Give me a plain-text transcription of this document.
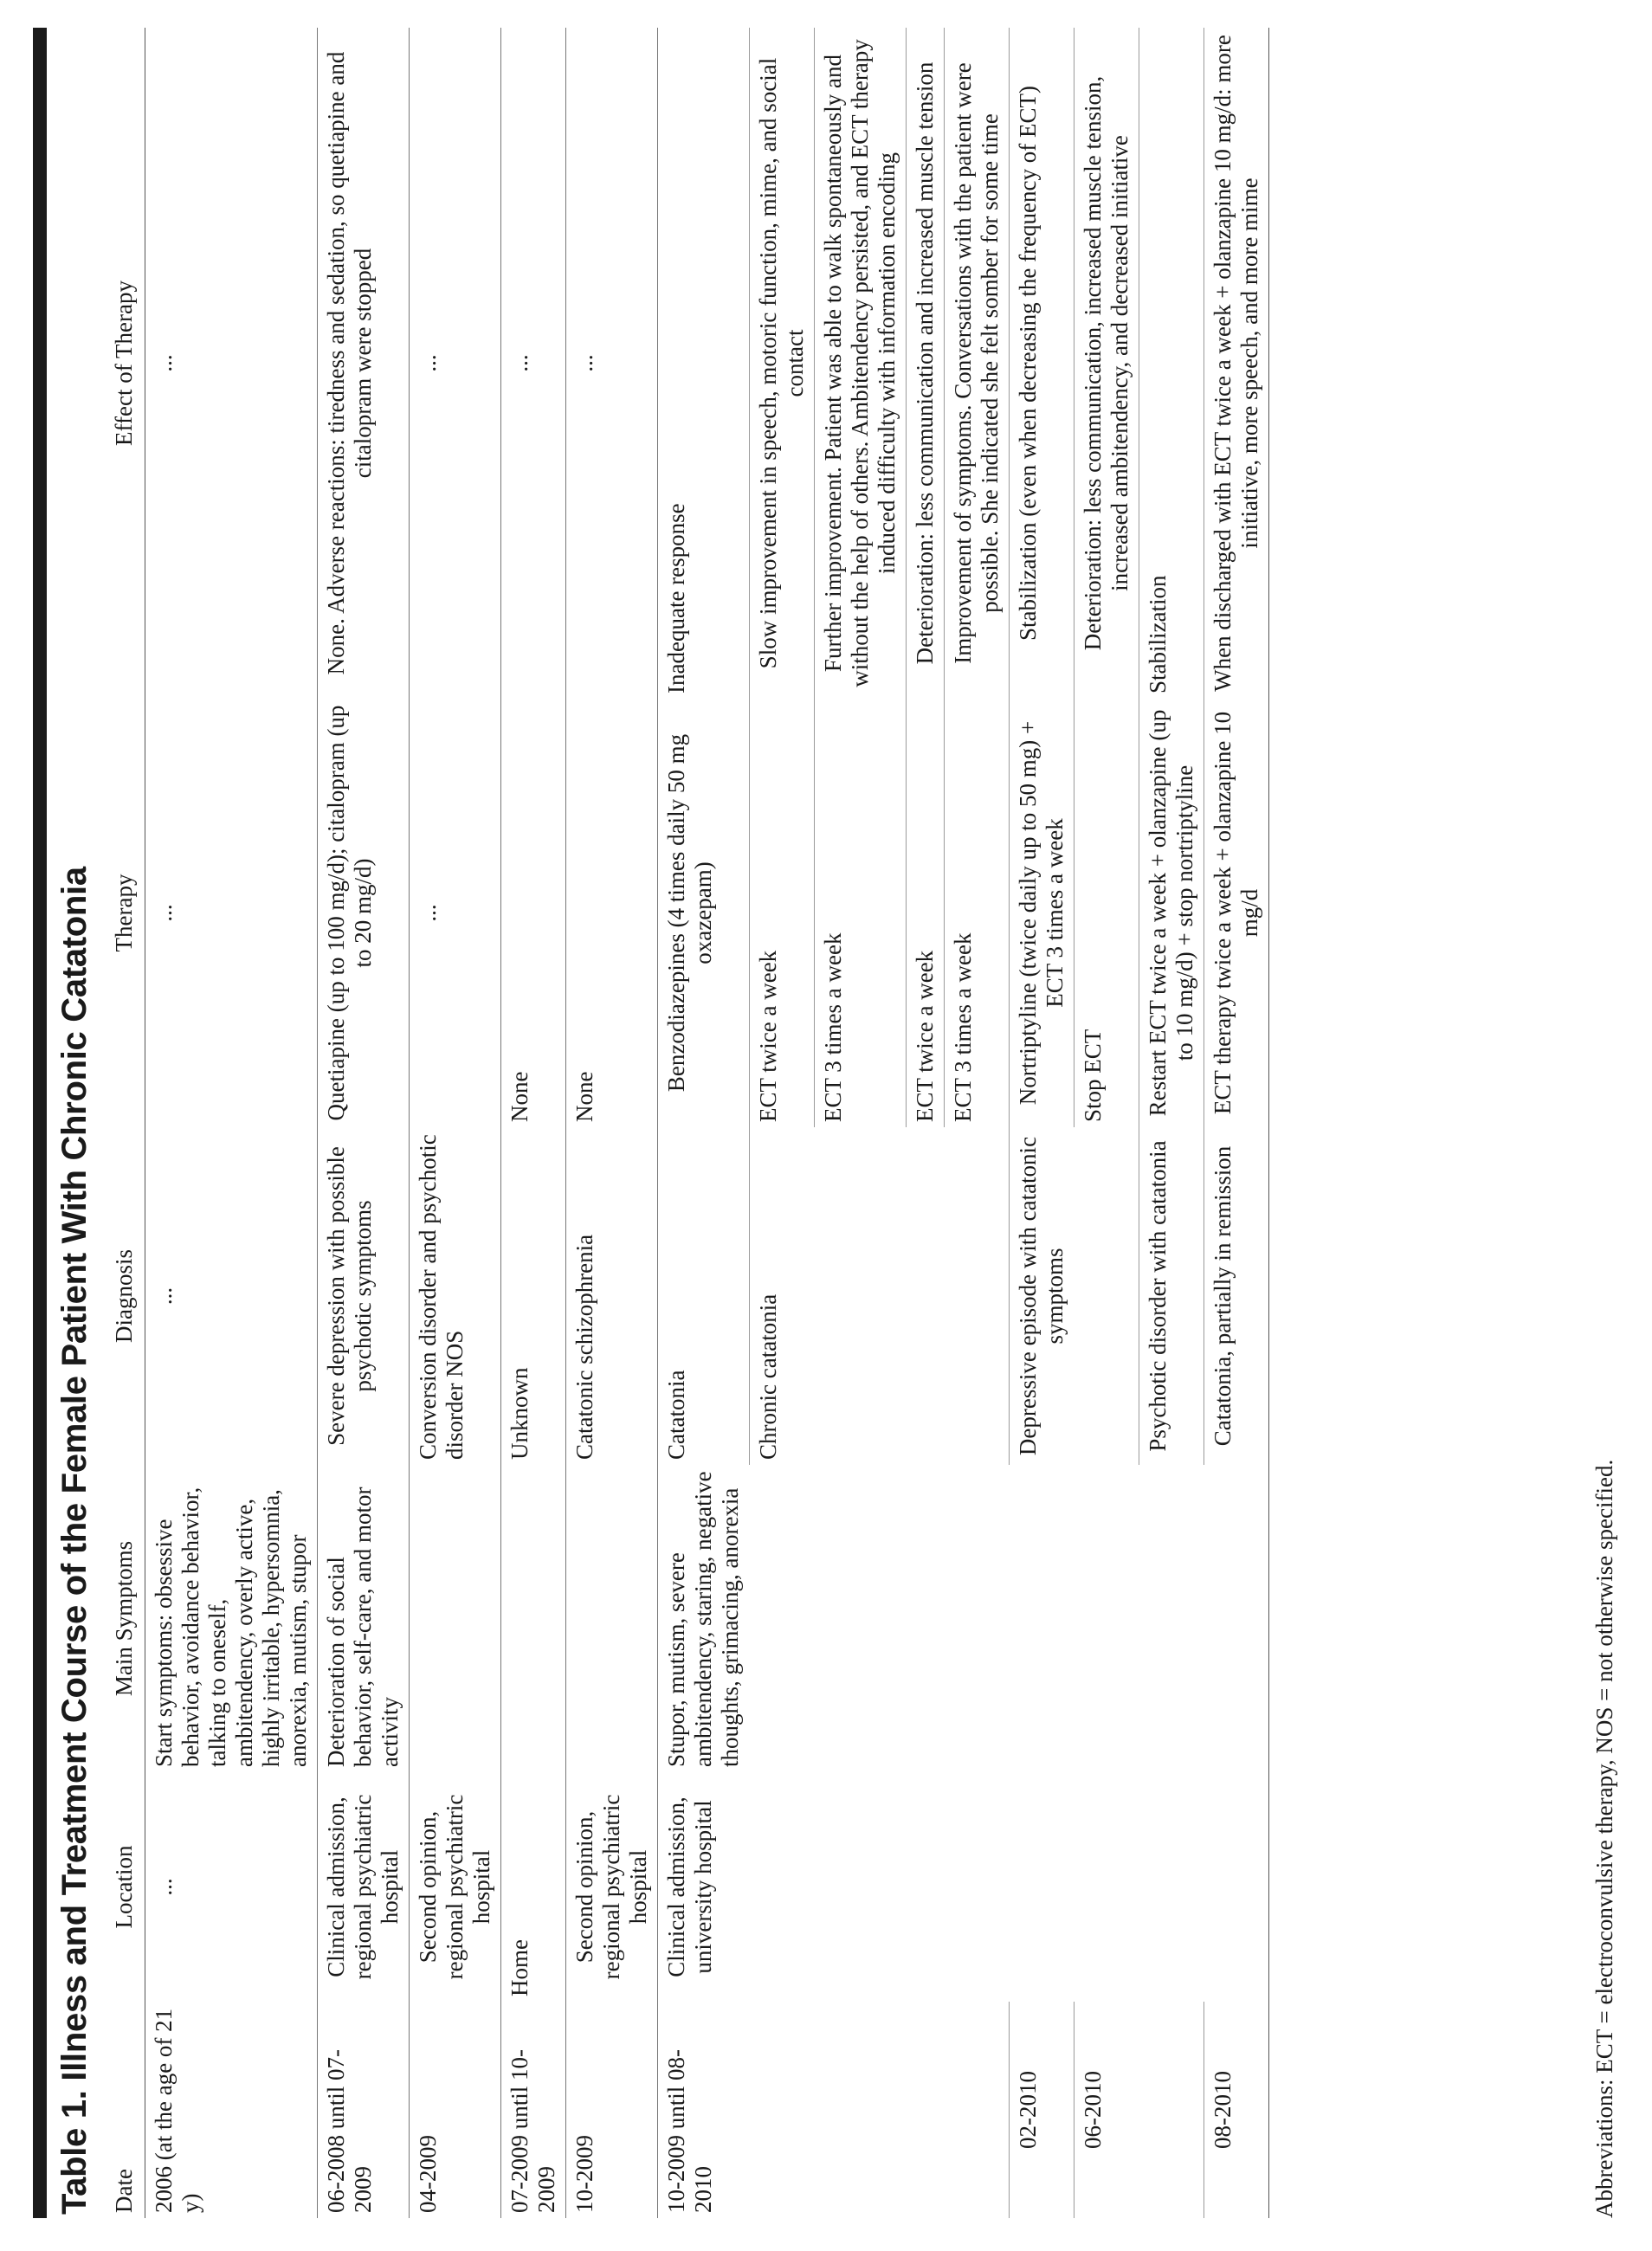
Table 1. Illness and Treatment Course of the Female Patient With Chronic Catatonia Date	Location	Main Symptoms	Diagnosis	Therapy	Effect of Therapy
2006 (at the age of 21 y)	...	Start symptoms: obsessive behavior, avoidance behavior, talking to oneself, ambitendency, overly active, highly irritable, hypersomnia, anorexia, mutism, stupor	...	...	...
06-2008 until 07-2009	Clinical admission, regional psychiatric hospital	Deterioration of social behavior, self-care, and motor activity	Severe depression with possible psychotic symptoms	Quetiapine (up to 100 mg/d); citalopram (up to 20 mg/d)	None. Adverse reactions: tiredness and sedation, so quetiapine and citalopram were stopped
04-2009	Second opinion, regional psychiatric hospital		Conversion disorder and psychotic disorder NOS	...	...
07-2009 until 10-2009	Home		Unknown	None	...
10-2009	Second opinion, regional psychiatric hospital		Catatonic schizophrenia	None	...
10-2009 until 08-2010	Clinical admission, university hospital	Stupor, mutism, severe ambitendency, staring, negative thoughts, grimacing, anorexia	Catatonia	Benzodiazepines (4 times daily 50 mg oxazepam)	Inadequate response
			Chronic catatonia	ECT twice a week	Slow improvement in speech, motoric function, mime, and social contact
				ECT 3 times a week	Further improvement. Patient was able to walk spontaneously and without the help of others. Ambitendency persisted, and ECT therapy induced difficulty with information encoding
				ECT twice a week	Deterioration: less communication and increased muscle tension
				ECT 3 times a week	Improvement of symptoms. Conversations with the patient were possible. She indicated she felt somber for some time
02-2010			Depressive episode with catatonic symptoms	Nortriptyline (twice daily up to 50 mg) + ECT 3 times a week	Stabilization (even when decreasing the frequency of ECT)
06-2010				Stop ECT	Deterioration: less communication, increased muscle tension, increased ambitendency, and decreased initiative
			Psychotic disorder with catatonia	Restart ECT twice a week + olanzapine (up to 10 mg/d) + stop nortriptyline	Stabilization
08-2010			Catatonia, partially in remission	ECT therapy twice a week + olanzapine 10 mg/d	When discharged with ECT twice a week + olanzapine 10 mg/d: more initiative, more speech, and more mime
Abbreviations: ECT = electroconvulsive therapy, NOS = not otherwise specified.
